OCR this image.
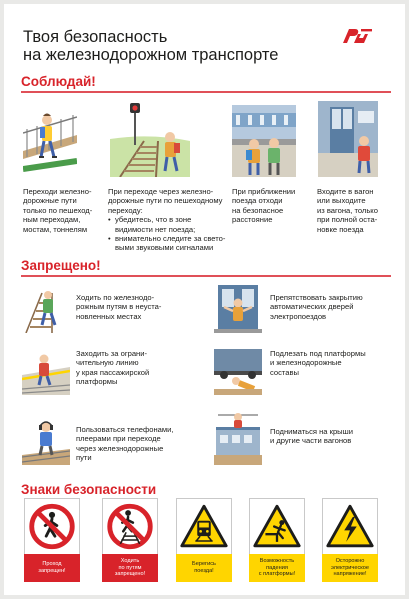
Твоя безопасность
на железнодорожном транспорте
Соблюдай!
Переходи железно-
дорожные пути
только по пешеход-
ным переходам,
мостам, тоннелям
При переходе через железно-
дорожные пути по пешеходному
переходу:
• убедитесь, что в зоне
видимости нет поезда;
• внимательно следите за свето-
выми звуковыми сигналами
При приближении
поезда отходи
на безопасное
расстояние
Входите в вагон
или выходите
из вагона, только
при полной оста-
новке поезда
Запрещено!
Ходить по железнодо-
рожным путям в неуста-
новленных местах
Препятствовать закрытию
автоматических дверей
электропоездов
Заходить за ограни-
чительную линию
у края пассажирской
платформы
Подлезать под платформы
и железнодорожные
составы
Пользоваться телефонами,
плеерами при переходе
через железнодорожные
пути
Подниматься на крыши
и другие части вагонов
Знаки безопасности
Проход
запрещен!
Ходить
по путям
запрещено!
Берегись
поезда!
Возможность
падения
с платформы!
Осторожно
электрическое
напряжение!
